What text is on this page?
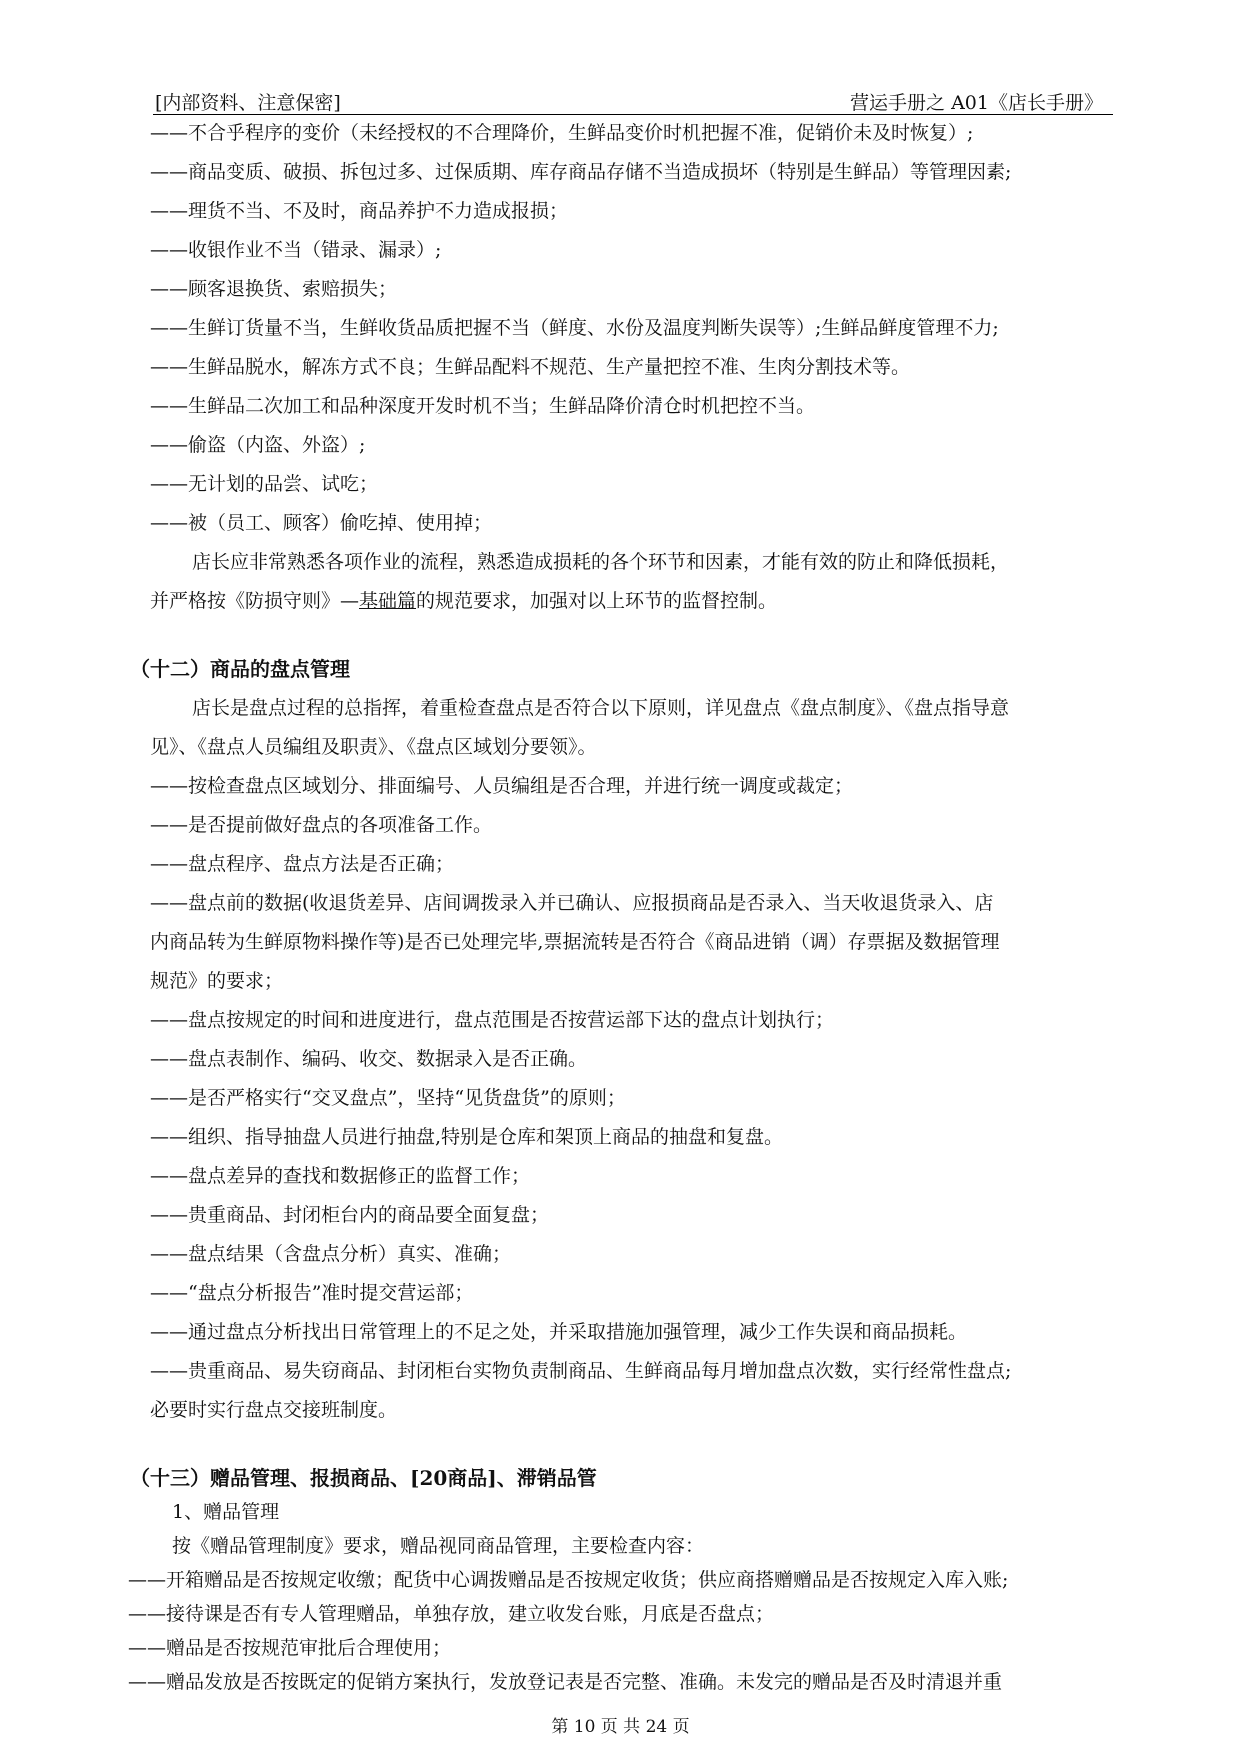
[内部资料、注意保密]	营运手册之 A01《店长手册》
——不合乎程序的变价（未经授权的不合理降价，生鲜品变价时机把握不准，促销价未及时恢复）;
——商品变质、破损、拆包过多、过保质期、库存商品存储不当造成损坏（特别是生鲜品）等管理因素;
——理货不当、不及时，商品养护不力造成报损；
——收银作业不当（错录、漏录）;
——顾客退换货、索赔损失；
——生鲜订货量不当，生鲜收货品质把握不当（鲜度、水份及温度判断失误等）;生鲜品鲜度管理不力;
——生鲜品脱水，解冻方式不良；生鲜品配料不规范、生产量把控不准、生肉分割技术等。
——生鲜品二次加工和品种深度开发时机不当；生鲜品降价清仓时机把控不当。
——偷盗（内盗、外盗）;
——无计划的品尝、试吃；
——被（员工、顾客）偷吃掉、使用掉；
店长应非常熟悉各项作业的流程，熟悉造成损耗的各个环节和因素，才能有效的防止和降低损耗，
并严格按《防损守则》—基础篇的规范要求，加强对以上环节的监督控制。
（十二）商品的盘点管理
店长是盘点过程的总指挥，着重检查盘点是否符合以下原则，详见盘点《盘点制度》、《盘点指导意
见》、《盘点人员编组及职责》、《盘点区域划分要领》。
——按检查盘点区域划分、排面编号、人员编组是否合理，并进行统一调度或裁定；
——是否提前做好盘点的各项准备工作。
——盘点程序、盘点方法是否正确；
——盘点前的数据(收退货差异、店间调拨录入并已确认、应报损商品是否录入、当天收退货录入、店
内商品转为生鲜原物料操作等)是否已处理完毕,票据流转是否符合《商品进销（调）存票据及数据管理
规范》的要求；
——盘点按规定的时间和进度进行，盘点范围是否按营运部下达的盘点计划执行；
——盘点表制作、编码、收交、数据录入是否正确。
——是否严格实行“交叉盘点”，坚持“见货盘货”的原则；
——组织、指导抽盘人员进行抽盘,特别是仓库和架顶上商品的抽盘和复盘。
——盘点差异的查找和数据修正的监督工作；
——贵重商品、封闭柜台内的商品要全面复盘；
——盘点结果（含盘点分析）真实、准确；
——“盘点分析报告”准时提交营运部；
——通过盘点分析找出日常管理上的不足之处，并采取措施加强管理，减少工作失误和商品损耗。
——贵重商品、易失窃商品、封闭柜台实物负责制商品、生鲜商品每月增加盘点次数，实行经常性盘点;
必要时实行盘点交接班制度。
（十三）赠品管理、报损商品、[20商品]、滞销品管
1、赠品管理
按《赠品管理制度》要求，赠品视同商品管理，主要检查内容：
——开箱赠品是否按规定收缴；配货中心调拨赠品是否按规定收货；供应商搭赠赠品是否按规定入库入账;
——接待课是否有专人管理赠品，单独存放，建立收发台账，月底是否盘点；
——赠品是否按规范审批后合理使用；
——赠品发放是否按既定的促销方案执行，发放登记表是否完整、准确。未发完的赠品是否及时清退并重
第 10 页 共 24 页
